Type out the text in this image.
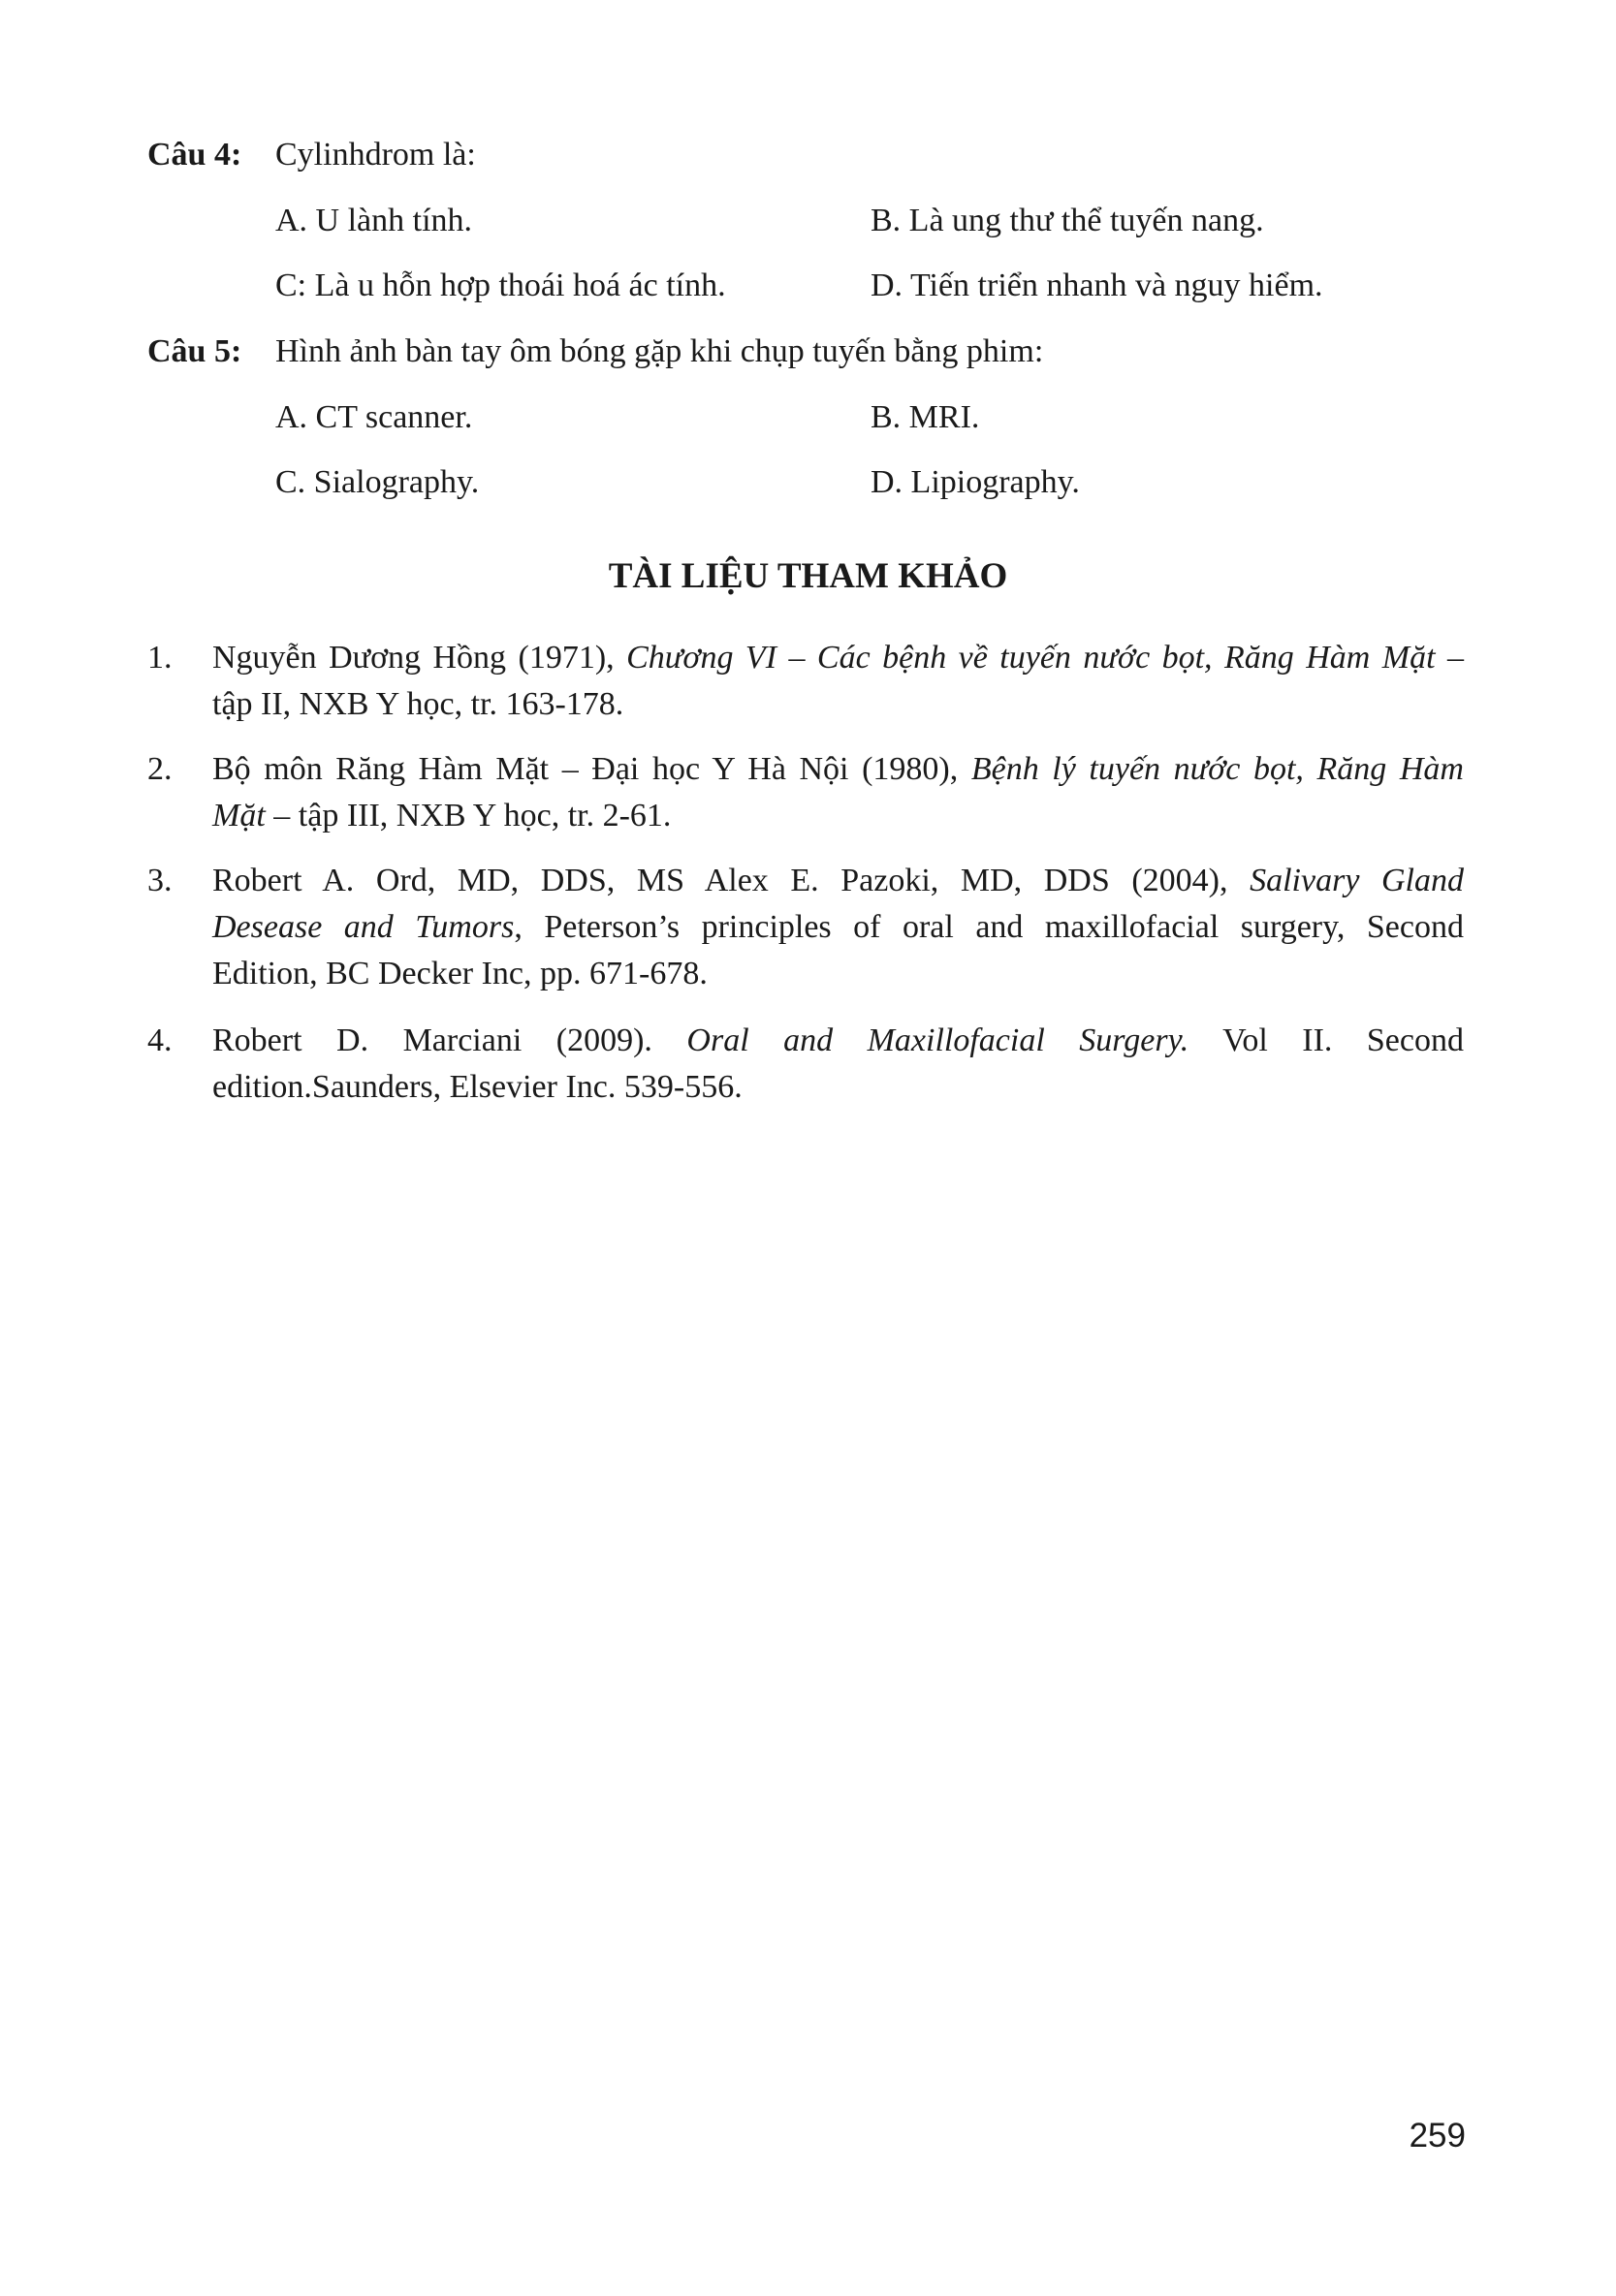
Câu 4: Cylinhdrom là:
A. U lành tính.	B. Là ung thư thể tuyến nang.
C: Là u hỗn hợp thoái hoá ác tính.	D. Tiến triển nhanh và nguy hiểm.
Câu 5: Hình ảnh bàn tay ôm bóng gặp khi chụp tuyến bằng phim:
A. CT scanner.	B. MRI.
C. Sialography.	D. Lipiography.
TÀI LIỆU THAM KHẢO
1. Nguyễn Dương Hồng (1971), Chương VI – Các bệnh về tuyến nước bọt, Răng Hàm Mặt –
tập II, NXB Y học, tr. 163-178.
2. Bộ môn Răng Hàm Mặt – Đại học Y Hà Nội (1980), Bệnh lý tuyến nước bọt, Răng Hàm
Mặt – tập III, NXB Y học, tr. 2-61.
3. Robert A. Ord, MD, DDS, MS Alex E. Pazoki, MD, DDS (2004), Salivary Gland
Desease and Tumors, Peterson’s principles of oral and maxillofacial surgery, Second
Edition, BC Decker Inc, pp. 671-678.
4. Robert D. Marciani (2009). Oral and Maxillofacial Surgery. Vol II. Second
edition.Saunders, Elsevier Inc. 539-556.
259
